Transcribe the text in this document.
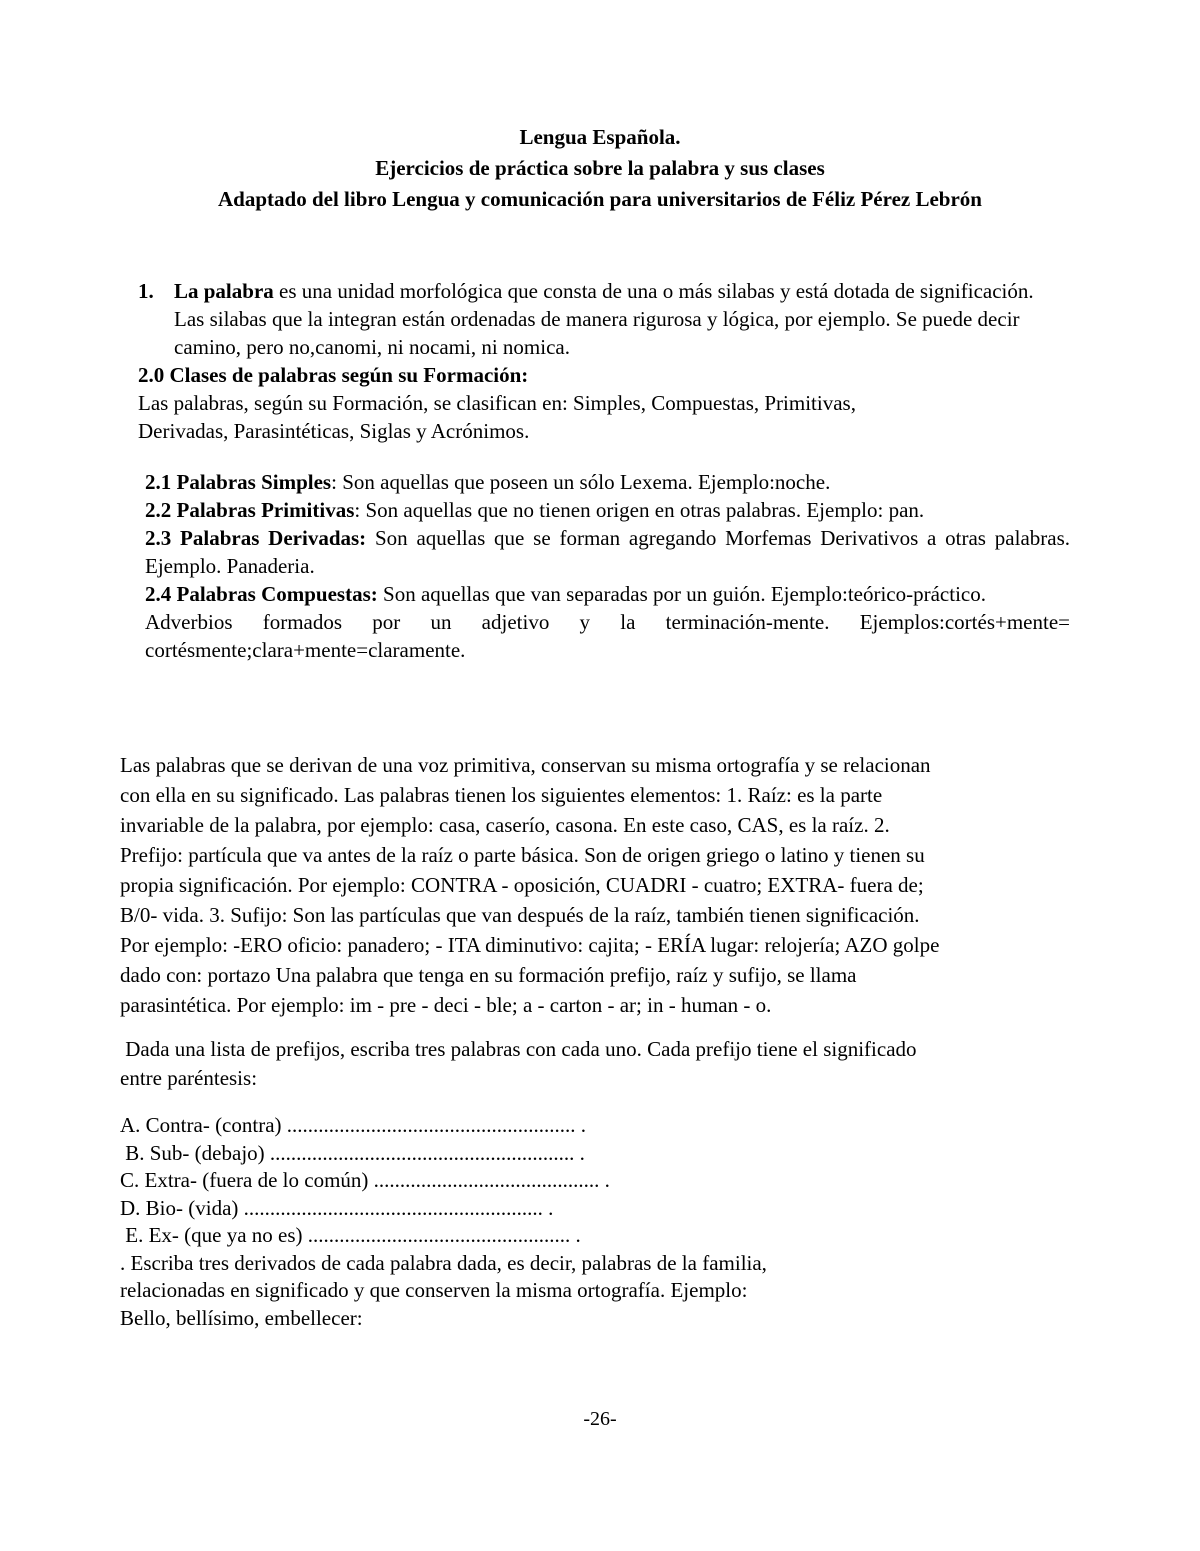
Lengua Española.
Ejercicios de práctica sobre la palabra y sus clases
Adaptado del libro Lengua y comunicación para universitarios de Féliz Pérez Lebrón
1. La palabra es una unidad morfológica que consta de una o más silabas y está dotada de significación. Las silabas que la integran están ordenadas de manera rigurosa y lógica, por ejemplo. Se puede decir camino, pero no,canomi, ni nocami, ni nomica.
2.0 Clases de palabras según su Formación:
Las palabras, según su Formación, se clasifican en: Simples, Compuestas, Primitivas,
Derivadas, Parasintéticas, Siglas y Acrónimos.

2.1 Palabras Simples: Son aquellas que poseen un sólo Lexema. Ejemplo:noche.

2.2 Palabras Primitivas: Son aquellas que no tienen origen en otras palabras. Ejemplo: pan.

2.3 Palabras Derivadas: Son aquellas que se forman agregando Morfemas Derivativos a otras palabras. Ejemplo. Panaderia.

2.4 Palabras Compuestas: Son aquellas que van separadas por un guión. Ejemplo:teórico-práctico.

Adverbios formados por un adjetivo y la terminación-mente. Ejemplos:cortés+mente= cortésmente;clara+mente=claramente.

Las palabras que se derivan de una voz primitiva, conservan su misma ortografía y se relacionan
con ella en su significado. Las palabras tienen los siguientes elementos: 1. Raíz: es la parte
invariable de la palabra, por ejemplo: casa, caserío, casona. En este caso, CAS, es la raíz. 2.
Prefijo: partícula que va antes de la raíz o parte básica. Son de origen griego o latino y tienen su
propia significación. Por ejemplo: CONTRA - oposición, CUADRI - cuatro; EXTRA- fuera de;
B/0- vida. 3. Sufijo: Son las partículas que van después de la raíz, también tienen significación.
Por ejemplo: -ERO oficio: panadero; - ITA diminutivo: cajita; - ERÍA lugar: relojería; AZO golpe
dado con: portazo Una palabra que tenga en su formación prefijo, raíz y sufijo, se llama
parasintética. Por ejemplo: im - pre - deci - ble; a - carton - ar; in - human - o.
Dada una lista de prefijos, escriba tres palabras con cada uno. Cada prefijo tiene el significado
entre paréntesis:
A. Contra- (contra) ....................................................... .
B. Sub- (debajo) .......................................................... .
C. Extra- (fuera de lo común) ........................................... .
D. Bio- (vida) ......................................................... .
E. Ex- (que ya no es) .................................................. .
. Escriba tres derivados de cada palabra dada, es decir, palabras de la familia,
relacionadas en significado y que conserven la misma ortografía. Ejemplo:
Bello, bellísimo, embellecer:
-26-
